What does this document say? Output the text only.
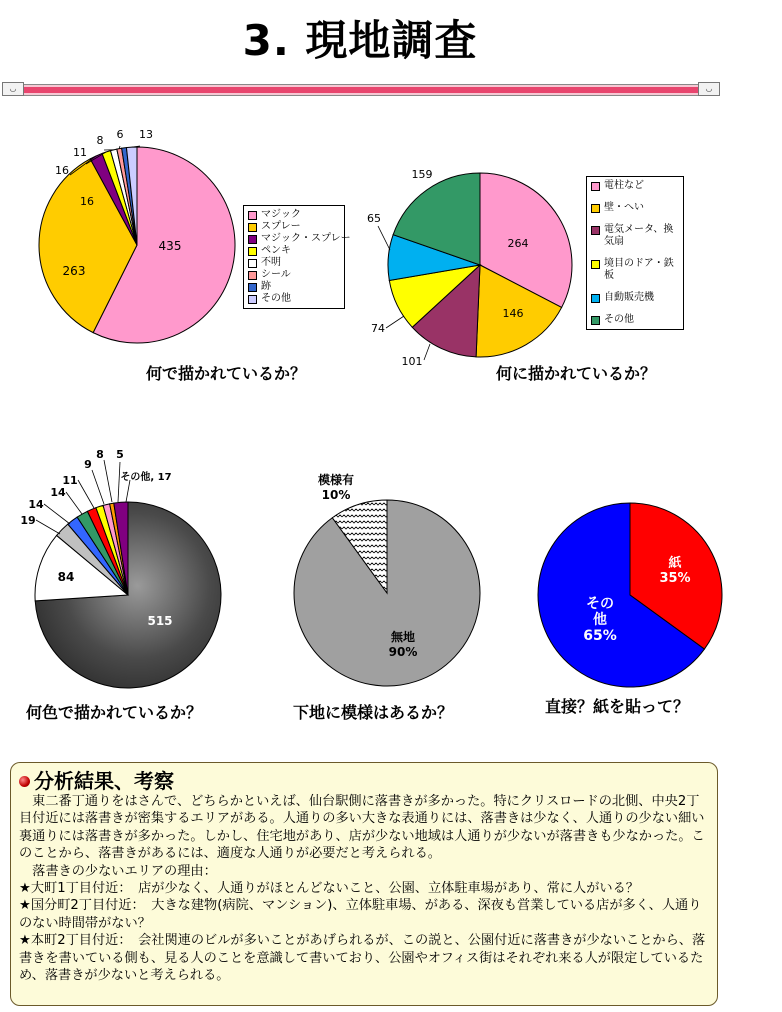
3. 現地調査
◡	◡
435
263
16
16
11
8 6 13
マジック
スプレー
マジック・スプレー
ペンキ
不明
シール
跡
その他
何で描かれているか？
264
146
101
74
65
159
電柱など
壁・へい
電気メータ、換気扇
境目のドア・鉄板
自動販売機
その他
何に描かれているか？
515
84
19
14
14
11
9
8 5
その他, 17
何色で描かれているか？
無地 90%
模様有 10%
下地に模様はあるか？
紙 35%
その他 65%
直接？紙を貼って？
分析結果、考察

　東二番丁通りをはさんで、どちらかといえば、仙台駅側に落書きが多かった。特にクリスロードの北側、中央2丁目付近には落書きが密集するエリアがある。人通りの多い大きな表通りには、落書きは少なく、人通りの少ない細い裏通りには落書きが多かった。しかし、住宅地があり、店が少ない地域は人通りが少ないが落書きも少なかった。このことから、落書きがあるには、適度な人通りが必要だと考えられる。

　落書きの少ないエリアの理由：

★大町1丁目付近：　店が少なく、人通りがほとんどないこと、公園、立体駐車場があり、常に人がいる？

★国分町2丁目付近：　大きな建物(病院、マンション)、立体駐車場、がある、深夜も営業している店が多く、人通りのない時間帯がない？

★本町2丁目付近：　会社関連のビルが多いことがあげられるが、この説と、公園付近に落書きが少ないことから、落書きを書いている側も、見る人のことを意識して書いており、公園やオフィス街はそれぞれ来る人が限定しているため、落書きが少ないと考えられる。
